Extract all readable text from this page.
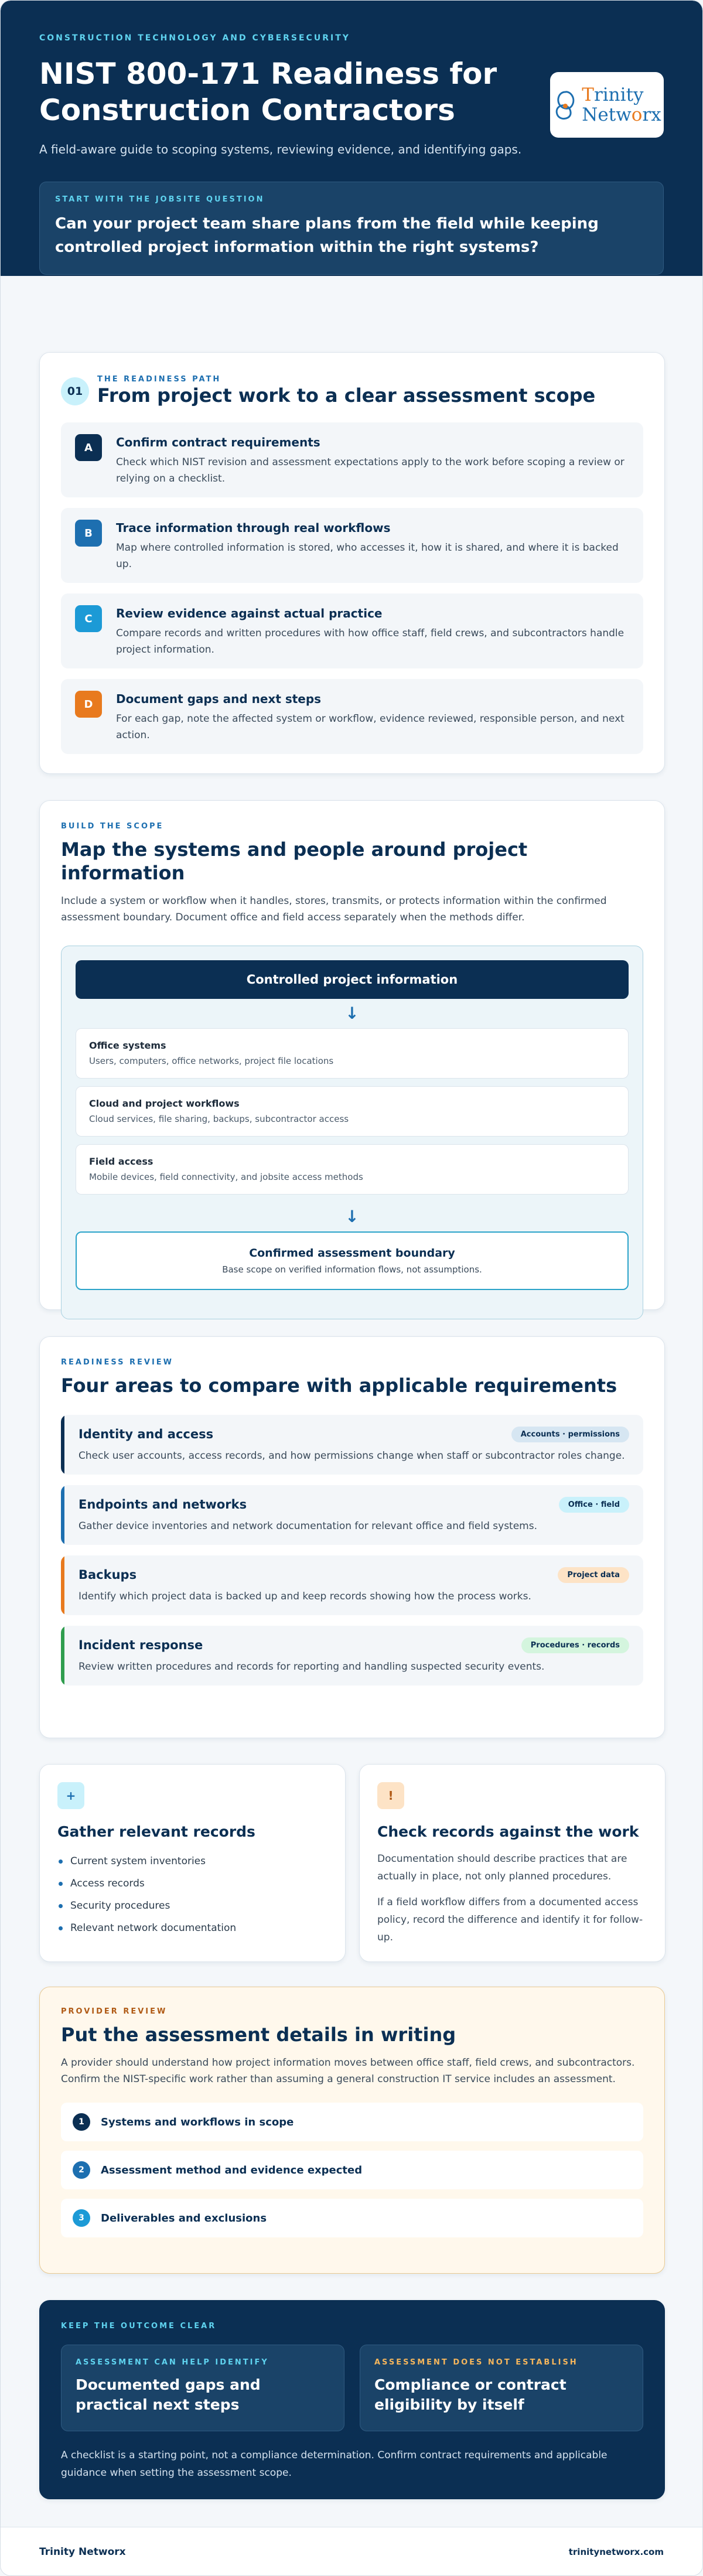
CONSTRUCTION TECHNOLOGY AND CYBERSECURITY
NIST 800-171 Readiness for Construction Contractors

A field-aware guide to scoping systems, reviewing evidence, and identifying gaps.

Trinity
Networx
START WITH THE JOBSITE QUESTION
Can your project team share plans from the field while keeping controlled project information within the right systems?
01
THE READINESS PATH
From project work to a clear assessment scope
A	Confirm contract requirements
Check which NIST revision and assessment expectations apply to the work before scoping a review or relying on a checklist.
B	Trace information through real workflows
Map where controlled information is stored, who accesses it, how it is shared, and where it is backed up.
C	Review evidence against actual practice
Compare records and written procedures with how office staff, field crews, and subcontractors handle project information.
D	Document gaps and next steps
For each gap, note the affected system or workflow, evidence reviewed, responsible person, and next action.
BUILD THE SCOPE
Map the systems and people around project information

Include a system or workflow when it handles, stores, transmits, or protects information within the confirmed assessment boundary. Document office and field access separately when the methods differ.

Controlled project information
↓
Office systems
Users, computers, office networks, project file locations
Cloud and project workflows
Cloud services, file sharing, backups, subcontractor access
Field access
Mobile devices, field connectivity, and jobsite access methods
↓
Confirmed assessment boundary
Base scope on verified information flows, not assumptions.
READINESS REVIEW
Four areas to compare with applicable requirements
Identity and access	Accounts · permissions
Check user accounts, access records, and how permissions change when staff or subcontractor roles change.
Endpoints and networks	Office · field
Gather device inventories and network documentation for relevant office and field systems.
Backups	Project data
Identify which project data is backed up and keep records showing how the process works.
Incident response	Procedures · records
Review written procedures and records for reporting and handling suspected security events.
+
Gather relevant records
Current system inventories
Access records
Security procedures
Relevant network documentation
!
Check records against the work

Documentation should describe practices that are actually in place, not only planned procedures.

If a field workflow differs from a documented access policy, record the difference and identify it for follow-up.

PROVIDER REVIEW
Put the assessment details in writing

A provider should understand how project information moves between office staff, field crews, and subcontractors. Confirm the NIST-specific work rather than assuming a general construction IT service includes an assessment.

1	Systems and workflows in scope
2	Assessment method and evidence expected
3	Deliverables and exclusions
KEEP THE OUTCOME CLEAR
ASSESSMENT CAN HELP IDENTIFY
Documented gaps and practical next steps
ASSESSMENT DOES NOT ESTABLISH
Compliance or contract eligibility by itself

A checklist is a starting point, not a compliance determination. Confirm contract requirements and applicable guidance when setting the assessment scope.

Trinity Networx	trinitynetworx.com
